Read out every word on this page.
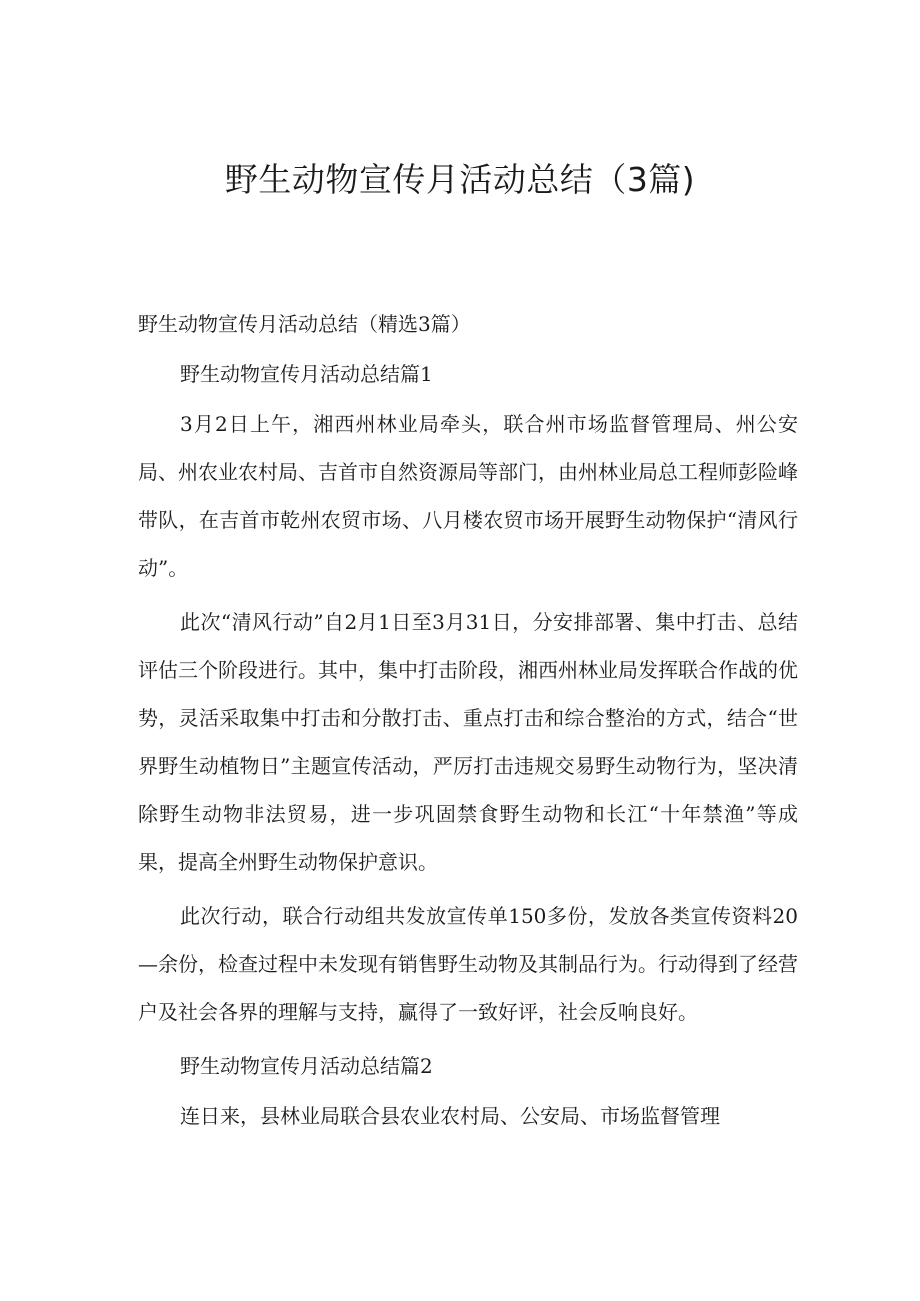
野生动物宣传月活动总结（3篇)

野生动物宣传月活动总结（精选3篇）

野生动物宣传月活动总结篇1

3月2日上午，湘西州林业局牵头，联合州市场监督管理局、州公安局、州农业农村局、吉首市自然资源局等部门，由州林业局总工程师彭险峰带队，在吉首市乾州农贸市场、八月楼农贸市场开展野生动物保护“清风行动”。

此次“清风行动”自2月1日至3月31日，分安排部署、集中打击、总结评估三个阶段进行。其中，集中打击阶段，湘西州林业局发挥联合作战的优势，灵活采取集中打击和分散打击、重点打击和综合整治的方式，结合“世界野生动植物日”主题宣传活动，严厉打击违规交易野生动物行为，坚决清除野生动物非法贸易，进一步巩固禁食野生动物和长江“十年禁渔”等成果，提高全州野生动物保护意识。

此次行动，联合行动组共发放宣传单150多份，发放各类宣传资料20—余份，检查过程中未发现有销售野生动物及其制品行为。行动得到了经营户及社会各界的理解与支持，赢得了一致好评，社会反响良好。

野生动物宣传月活动总结篇2

连日来，县林业局联合县农业农村局、公安局、市场监督管理
